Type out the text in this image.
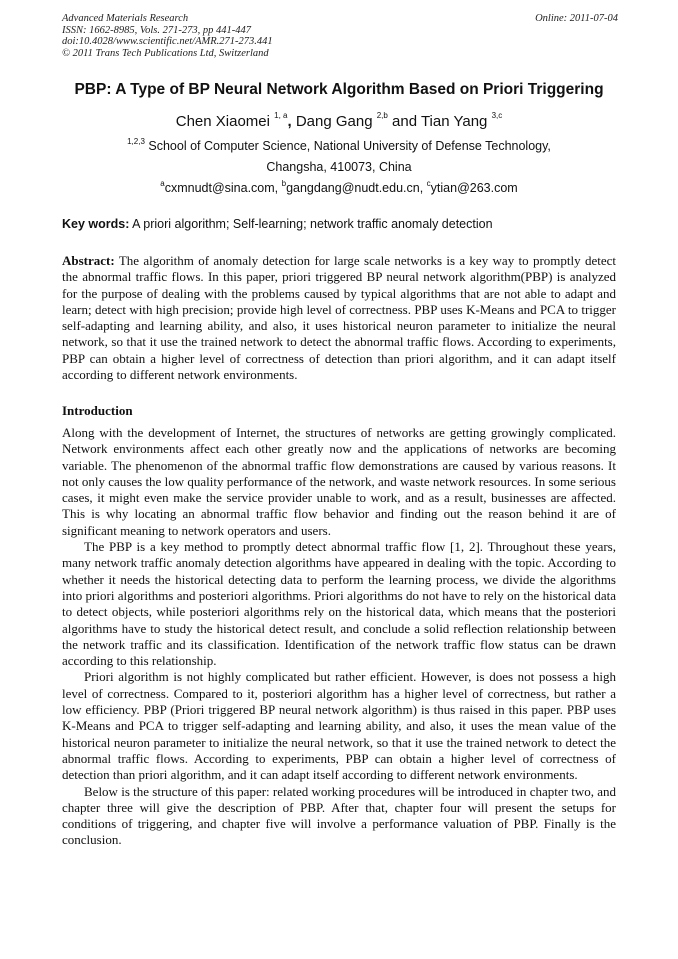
Advanced Materials Research
ISSN: 1662-8985, Vols. 271-273, pp 441-447
doi:10.4028/www.scientific.net/AMR.271-273.441
© 2011 Trans Tech Publications Ltd, Switzerland
Online: 2011-07-04
PBP: A Type of BP Neural Network Algorithm Based on Priori Triggering
Chen Xiaomei $^{1, a}$, Dang Gang $^{2,b}$ and Tian Yang $^{3,c}$
$^{1,2,3}$ School of Computer Science, National University of Defense Technology,
Changsha, 410073, China
$^a$cxmnudt@sina.com, $^b$gangdang@nudt.edu.cn, $^c$ytian@263.com
Key words: A priori algorithm; Self-learning; network traffic anomaly detection
Abstract: The algorithm of anomaly detection for large scale networks is a key way to promptly detect the abnormal traffic flows. In this paper, priori triggered BP neural network algorithm(PBP) is analyzed for the purpose of dealing with the problems caused by typical algorithms that are not able to adapt and learn; detect with high precision; provide high level of correctness. PBP uses K-Means and PCA to trigger self-adapting and learning ability, and also, it uses historical neuron parameter to initialize the neural network, so that it use the trained network to detect the abnormal traffic flows. According to experiments, PBP can obtain a higher level of correctness of detection than priori algorithm, and it can adapt itself according to different network environments.
Introduction

Along with the development of Internet, the structures of networks are getting growingly complicated. Network environments affect each other greatly now and the applications of networks are becoming variable. The phenomenon of the abnormal traffic flow demonstrations are caused by various reasons. It not only causes the low quality performance of the network, and waste network resources. In some serious cases, it might even make the service provider unable to work, and as a result, businesses are affected. This is why locating an abnormal traffic flow behavior and finding out the reason behind it are of significant meaning to network operators and users.

The PBP is a key method to promptly detect abnormal traffic flow [1, 2]. Throughout these years, many network traffic anomaly detection algorithms have appeared in dealing with the topic. According to whether it needs the historical detecting data to perform the learning process, we divide the algorithms into priori algorithms and posteriori algorithms. Priori algorithms do not have to rely on the historical data to detect objects, while posteriori algorithms rely on the historical data, which means that the posteriori algorithms have to study the historical detect result, and conclude a solid reflection relationship between the network traffic and its classification. Identification of the network traffic flow status can be drawn according to this relationship.

Priori algorithm is not highly complicated but rather efficient. However, is does not possess a high level of correctness. Compared to it, posteriori algorithm has a higher level of correctness, but rather a low efficiency. PBP (Priori triggered BP neural network algorithm) is thus raised in this paper. PBP uses K-Means and PCA to trigger self-adapting and learning ability, and also, it uses the mean value of the historical neuron parameter to initialize the neural network, so that it use the trained network to detect the abnormal traffic flows. According to experiments, PBP can obtain a higher level of correctness of detection than priori algorithm, and it can adapt itself according to different network environments.

Below is the structure of this paper: related working procedures will be introduced in chapter two, and chapter three will give the description of PBP. After that, chapter four will present the setups for conditions of triggering, and chapter five will involve a performance valuation of PBP. Finally is the conclusion.
